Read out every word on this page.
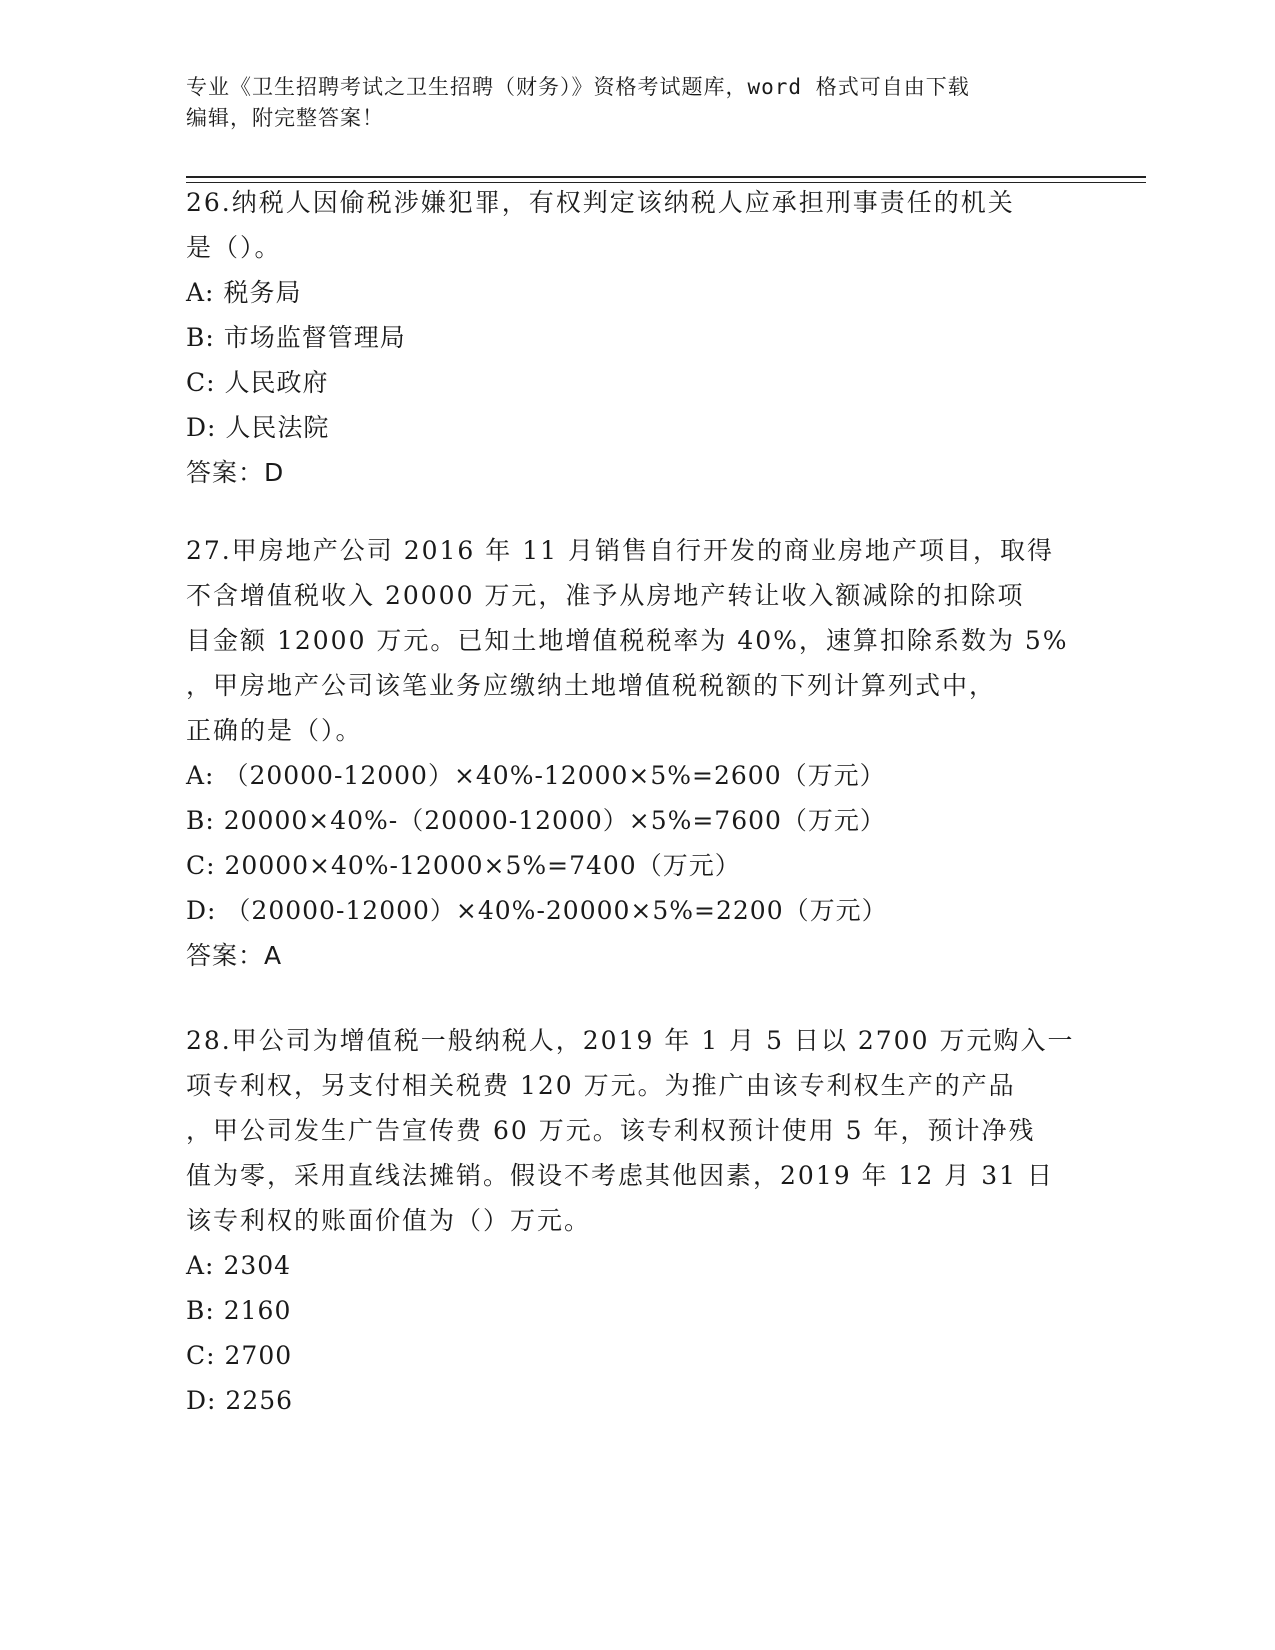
专业《卫生招聘考试之卫生招聘（财务）》资格考试题库，word 格式可自由下载
编辑，附完整答案！

26.纳税人因偷税涉嫌犯罪，有权判定该纳税人应承担刑事责任的机关

是（）。

A: 税务局

B: 市场监督管理局

C: 人民政府

D: 人民法院

答案：D

27.甲房地产公司 2016 年 11 月销售自行开发的商业房地产项目，取得

不含增值税收入 20000 万元，准予从房地产转让收入额减除的扣除项

目金额 12000 万元。已知土地增值税税率为 40%，速算扣除系数为 5%

，甲房地产公司该笔业务应缴纳土地增值税税额的下列计算列式中，

正确的是（）。

A: （20000-12000）×40%-12000×5%=2600（万元）

B: 20000×40%-（20000-12000）×5%=7600（万元）

C: 20000×40%-12000×5%=7400（万元）

D: （20000-12000）×40%-20000×5%=2200（万元）

答案：A

28.甲公司为增值税一般纳税人，2019 年 1 月 5 日以 2700 万元购入一

项专利权，另支付相关税费 120 万元。为推广由该专利权生产的产品

，甲公司发生广告宣传费 60 万元。该专利权预计使用 5 年，预计净残

值为零，采用直线法摊销。假设不考虑其他因素，2019 年 12 月 31 日

该专利权的账面价值为（）万元。

A: 2304

B: 2160

C: 2700

D: 2256
